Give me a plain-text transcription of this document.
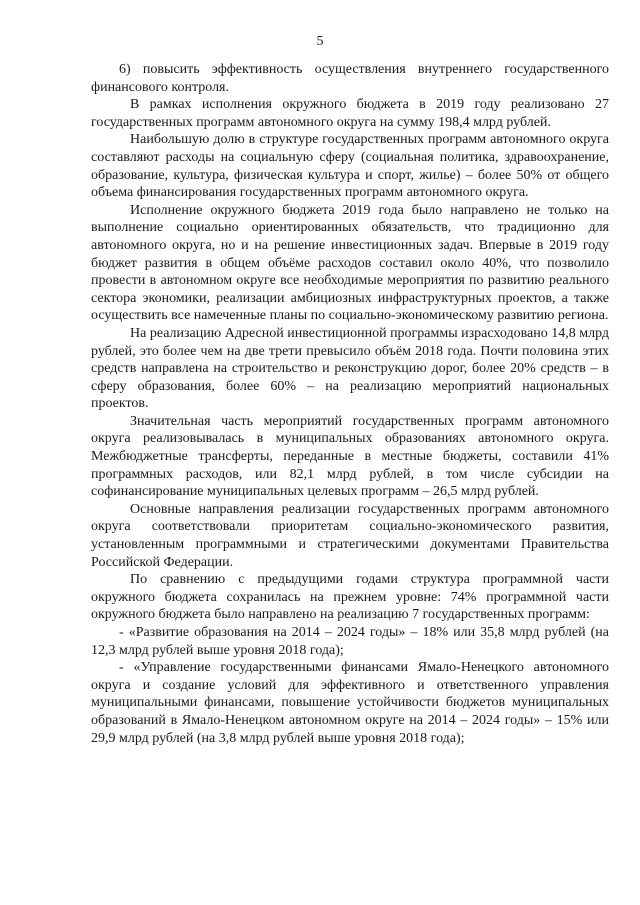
5

6) повысить эффективность осуществления внутреннего государственного финансового контроля.

В рамках исполнения окружного бюджета в 2019 году реализовано 27 государственных программ автономного округа на сумму 198,4 млрд рублей.

Наибольшую долю в структуре государственных программ автономного округа составляют расходы на социальную сферу (социальная политика, здравоохранение, образование, культура, физическая культура и спорт, жилье) – более 50% от общего объема финансирования государственных программ автономного округа.

Исполнение окружного бюджета 2019 года было направлено не только на выполнение социально ориентированных обязательств, что традиционно для автономного округа, но и на решение инвестиционных задач. Впервые в 2019 году бюджет развития в общем объёме расходов составил около 40%, что позволило провести в автономном округе все необходимые мероприятия по развитию реального сектора экономики, реализации амбициозных инфраструктурных проектов, а также осуществить все намеченные планы по социально-экономическому развитию региона.

На реализацию Адресной инвестиционной программы израсходовано 14,8 млрд рублей, это более чем на две трети превысило объём 2018 года. Почти половина этих средств направлена на строительство и реконструкцию дорог, более 20% средств – в сферу образования, более 60% – на реализацию мероприятий национальных проектов.

Значительная часть мероприятий государственных программ автономного округа реализовывалась в муниципальных образованиях автономного округа. Межбюджетные трансферты, переданные в местные бюджеты, составили 41% программных расходов, или 82,1 млрд рублей, в том числе субсидии на софинансирование муниципальных целевых программ – 26,5 млрд рублей.

Основные направления реализации государственных программ автономного округа соответствовали приоритетам социально-экономического развития, установленным программными и стратегическими документами Правительства Российской Федерации.

По сравнению с предыдущими годами структура программной части окружного бюджета сохранилась на прежнем уровне: 74% программной части окружного бюджета было направлено на реализацию 7 государственных программ:

- «Развитие образования на 2014 – 2024 годы» – 18% или 35,8 млрд рублей (на 12,3 млрд рублей выше уровня 2018 года);

- «Управление государственными финансами Ямало-Ненецкого автономного округа и создание условий для эффективного и ответственного управления муниципальными финансами, повышение устойчивости бюджетов муниципальных образований в Ямало-Ненецком автономном округе на 2014 – 2024 годы» – 15% или 29,9 млрд рублей (на 3,8 млрд рублей выше уровня 2018 года);
